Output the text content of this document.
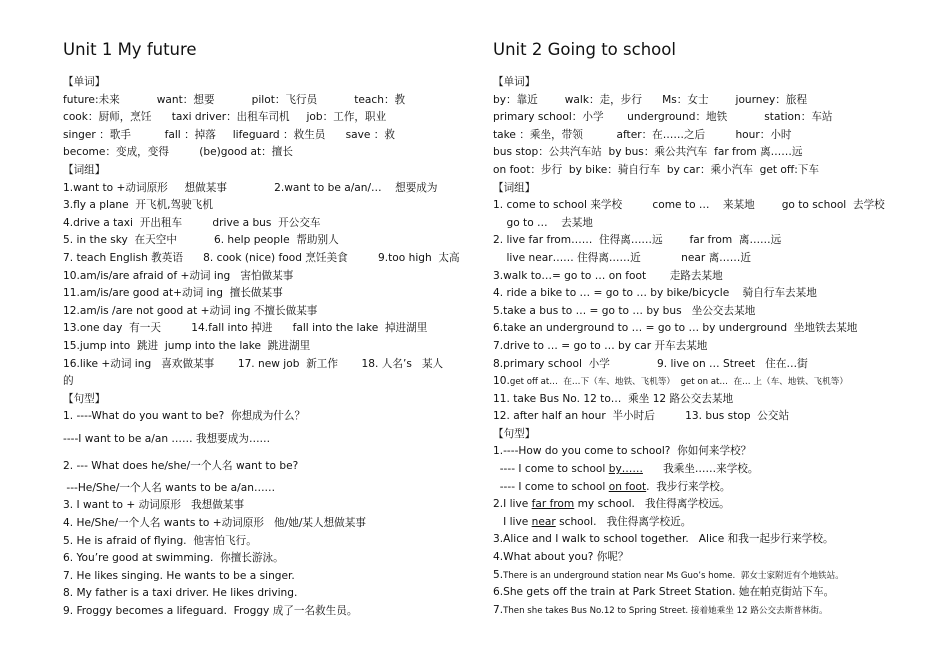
Unit 1 My future
【单词】
future:未来           want：想要           pilot：飞行员           teach：教
cook：厨师，烹饪      taxi driver：出租车司机     job：工作，职业
singer ：歌手          fall ：掉落     lifeguard ：救生员      save ：救
become：变成，变得         (be)good at：擅长
【词组】
1.want to +动词原形     想做某事              2.want to be a/an/…    想要成为
3.fly a plane  开飞机,驾驶飞机
4.drive a taxi  开出租车         drive a bus  开公交车
5. in the sky  在天空中           6. help people  帮助别人
7. teach English 教英语      8. cook (nice) food 烹饪美食         9.too high  太高
10.am/is/are afraid of +动词 ing   害怕做某事
11.am/is/are good at+动词 ing  擅长做某事
12.am/is /are not good at +动词 ing 不擅长做某事
13.one day  有一天         14.fall into 掉进      fall into the lake  掉进湖里
15.jump into  跳进  jump into the lake  跳进湖里
16.like +动词 ing   喜欢做某事       17. new job  新工作       18. 人名’s   某人
的
【句型】
1. ----What do you want to be?  你想成为什么？
----I want to be a/an …… 我想要成为……
2. --- What does he/she/一个人名 want to be?
---He/She/一个人名 wants to be a/an……
3. I want to + 动词原形   我想做某事
4. He/She/一个人名 wants to +动词原形   他/她/某人想做某事
5. He is afraid of flying.  他害怕飞行。
6. You’re good at swimming.  你擅长游泳。
7. He likes singing. He wants to be a singer.
8. My father is a taxi driver. He likes driving.
9. Froggy becomes a lifeguard.  Froggy 成了一名救生员。
Unit 2 Going to school
【单词】
by：靠近        walk：走，步行      Ms：女士        journey：旅程
primary school：小学       underground：地铁           station：车站
take ：乘坐，带领          after：在……之后         hour：小时
bus stop：公共汽车站  by bus：乘公共汽车  far from 离……远
on foot：步行  by bike：骑自行车  by car：乘小汽车  get off:下车
【词组】
1. come to school 来学校         come to …    来某地        go to school  去学校
go to …    去某地
2. live far from……  住得离……远        far from  离……远
live near…… 住得离……近            near 离……近
3.walk to…= go to … on foot       走路去某地
4. ride a bike to … = go to … by bike/bicycle    骑自行车去某地
5.take a bus to … = go to … by bus   坐公交去某地
6.take an underground to … = go to … by underground  坐地铁去某地
7.drive to … = go to … by car 开车去某地
8.primary school  小学              9. live on … Street   住在…街
10.get off at…  在…下（车、地铁、飞机等）  get on at…  在… 上（车、地铁、飞机等）
11. take Bus No. 12 to…  乘坐 12 路公交去某地
12. after half an hour  半小时后         13. bus stop  公交站
【句型】
1.----How do you come to school?  你如何来学校？
---- I come to school by……      我乘坐……来学校。
---- I come to school on foot.  我步行来学校。
2.I live far from my school.   我住得离学校远。
I live near school.   我住得离学校近。
3.Alice and I walk to school together.   Alice 和我一起步行来学校。
4.What about you? 你呢？
5.There is an underground station near Ms Guo’s home.  郭女士家附近有个地铁站。
6.She gets off the train at Park Street Station. 她在帕克街站下车。
7.Then she takes Bus No.12 to Spring Street. 接着她乘坐 12 路公交去斯普林街。
